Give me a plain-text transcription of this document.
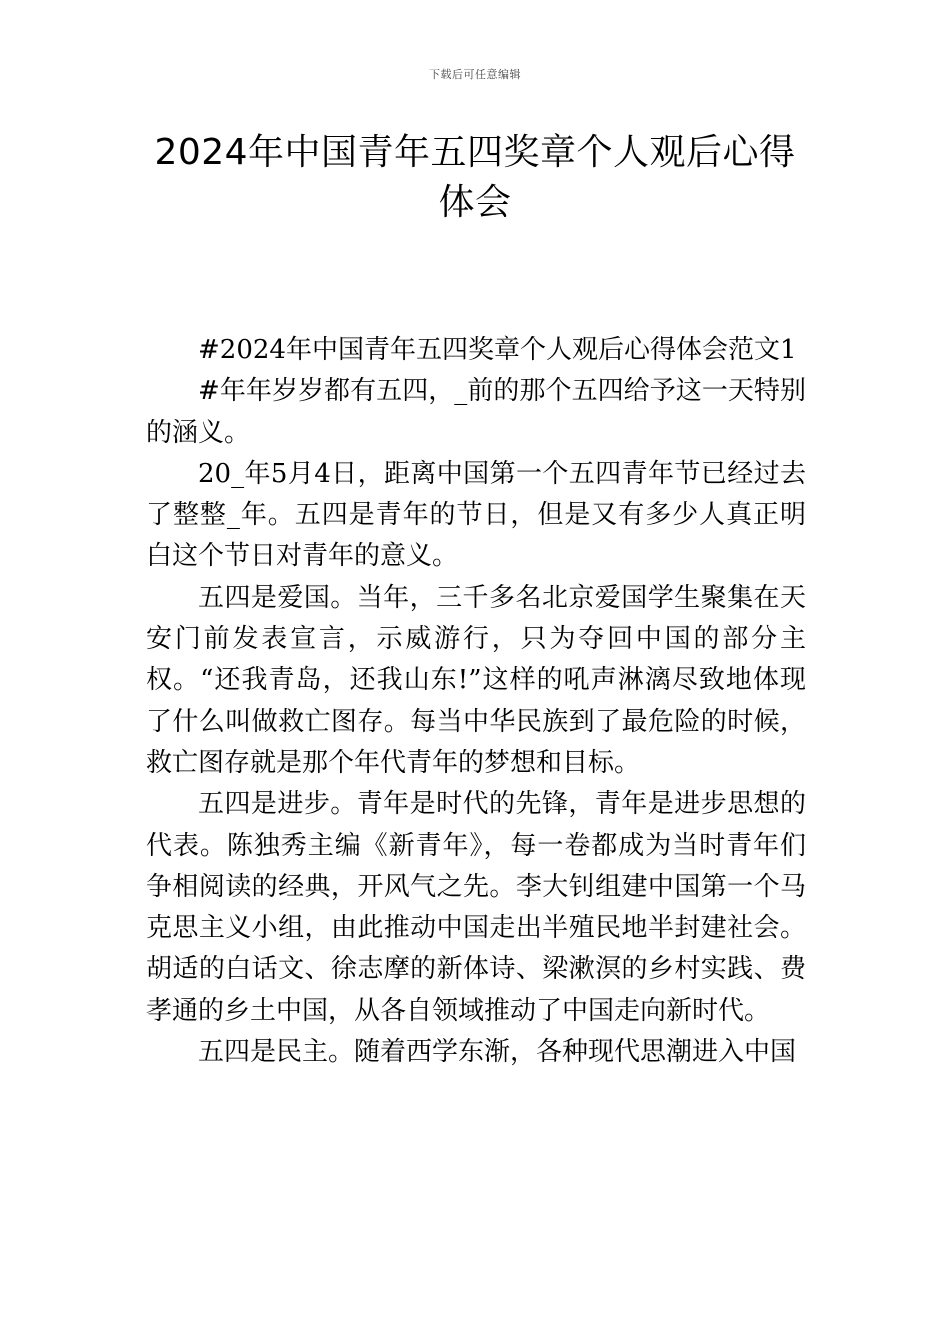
下载后可任意编辑
2024年中国青年五四奖章个人观后心得体会

#2024年中国青年五四奖章个人观后心得体会范文1

#年年岁岁都有五四，_前的那个五四给予这一天特别的涵义。

20_年5月4日，距离中国第一个五四青年节已经过去了整整_年。五四是青年的节日，但是又有多少人真正明白这个节日对青年的意义。

五四是爱国。当年，三千多名北京爱国学生聚集在天安门前发表宣言，示威游行，只为夺回中国的部分主权。“还我青岛，还我山东!”这样的吼声淋漓尽致地体现了什么叫做救亡图存。每当中华民族到了最危险的时候，救亡图存就是那个年代青年的梦想和目标。

五四是进步。青年是时代的先锋，青年是进步思想的代表。陈独秀主编《新青年》，每一卷都成为当时青年们争相阅读的经典，开风气之先。李大钊组建中国第一个马克思主义小组，由此推动中国走出半殖民地半封建社会。胡适的白话文、徐志摩的新体诗、梁漱溟的乡村实践、费孝通的乡土中国，从各自领域推动了中国走向新时代。

五四是民主。随着西学东渐，各种现代思潮进入中国
